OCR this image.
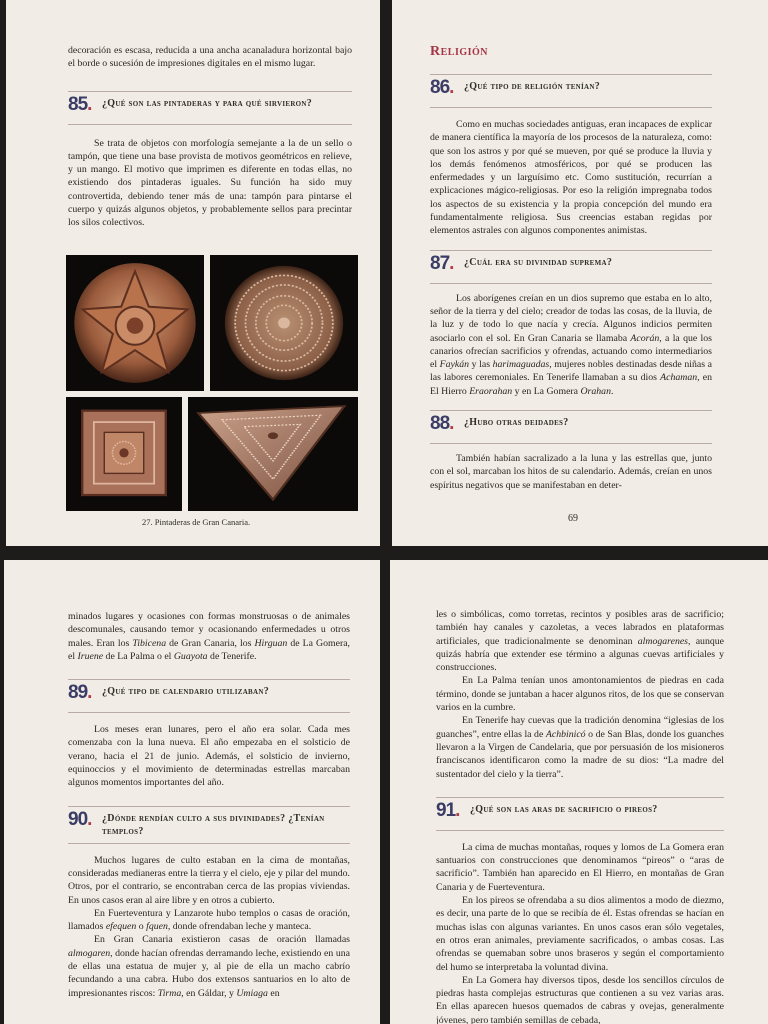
decoración es escasa, reducida a una ancha acanaladura horizontal bajo el borde o sucesión de impresiones digitales en el mismo lugar.

85. ¿Qué son las pintaderas y para qué sirvieron?

Se trata de objetos con morfología semejante a la de un sello o tampón, que tiene una base provista de motivos geométricos en relieve, y un mango. El motivo que imprimen es diferente en todas ellas, no existiendo dos pintaderas iguales. Su función ha sido muy controvertida, debiendo tener más de una: tampón para pintarse el cuerpo y quizás algunos objetos, y probablemente sellos para precintar los silos colectivos.

27. Pintaderas de Gran Canaria.
Religión
86. ¿Qué tipo de religión tenían?

Como en muchas sociedades antiguas, eran incapaces de explicar de manera científica la mayoría de los procesos de la naturaleza, como: que son los astros y por qué se mueven, por qué se produce la lluvia y los demás fenómenos atmosféricos, por qué se producen las enfermedades y un larguísimo etc. Como sustitución, recurrían a explicaciones mágico-religiosas. Por eso la religión impregnaba todos los aspectos de su existencia y la propia concepción del mundo era fundamentalmente religiosa. Sus creencias estaban regidas por elementos astrales con algunos componentes animistas.

87. ¿Cuál era su divinidad suprema?

Los aborígenes creían en un dios supremo que estaba en lo alto, señor de la tierra y del cielo; creador de todas las cosas, de la lluvia, de la luz y de todo lo que nacía y crecía. Algunos indicios permiten asociarlo con el sol. En Gran Canaria se llamaba Acorán, a la que los canarios ofrecían sacrificios y ofrendas, actuando como intermediarios el Faykán y las harimaguadas, mujeres nobles destinadas desde niñas a las labores ceremoniales. En Tenerife llamaban a su dios Achaman, en El Hierro Eraorahan y en La Gomera Orahan.

88. ¿Hubo otras deidades?

También habían sacralizado a la luna y las estrellas que, junto con el sol, marcaban los hitos de su calendario. Además, creían en unos espíritus negativos que se manifestaban en deter-

69

minados lugares y ocasiones con formas monstruosas o de animales descomunales, causando temor y ocasionando enfermedades u otros males. Eran los Tibicena de Gran Canaria, los Hirguan de La Gomera, el Iruene de La Palma o el Guayota de Tenerife.

89. ¿Qué tipo de calendario utilizaban?

Los meses eran lunares, pero el año era solar. Cada mes comenzaba con la luna nueva. El año empezaba en el solsticio de verano, hacia el 21 de junio. Además, el solsticio de invierno, equinoccios y el movimiento de determinadas estrellas marcaban algunos momentos importantes del año.

90. ¿Dónde rendían culto a sus divinidades? ¿Tenían templos?

Muchos lugares de culto estaban en la cima de montañas, consideradas medianeras entre la tierra y el cielo, eje y pilar del mundo. Otros, por el contrario, se encontraban cerca de las propias viviendas. En unos casos eran al aire libre y en otros a cubierto.

En Fuerteventura y Lanzarote hubo templos o casas de oración, llamados efequen o fquen, donde ofrendaban leche y manteca.

En Gran Canaria existieron casas de oración llamadas almogaren, donde hacían ofrendas derramando leche, existiendo en una de ellas una estatua de mujer y, al pie de ella un macho cabrío fecundando a una cabra. Hubo dos extensos santuarios en lo alto de impresionantes riscos: Tirma, en Gáldar, y Umiaga en

les o simbólicas, como torretas, recintos y posibles aras de sacrificio; también hay canales y cazoletas, a veces labrados en plataformas artificiales, que tradicionalmente se denominan almogarenes, aunque quizás habría que extender ese término a algunas cuevas artificiales y construcciones.

En La Palma tenían unos amontonamientos de piedras en cada término, donde se juntaban a hacer algunos ritos, de los que se conservan varios en la cumbre.

En Tenerife hay cuevas que la tradición denomina “iglesias de los guanches”, entre ellas la de Achbinicó o de San Blas, donde los guanches llevaron a la Virgen de Candelaria, que por persuasión de los misioneros franciscanos identificaron como la madre de su dios: “La madre del sustentador del cielo y la tierra”.

91. ¿Qué son las aras de sacrificio o pireos?

La cima de muchas montañas, roques y lomos de La Gomera eran santuarios con construcciones que denominamos “pireos” o “aras de sacrificio”. También han aparecido en El Hierro, en montañas de Gran Canaria y de Fuerteventura.

En los pireos se ofrendaba a su dios alimentos a modo de diezmo, es decir, una parte de lo que se recibía de él. Estas ofrendas se hacían en muchas islas con algunas variantes. En unos casos eran sólo vegetales, en otros eran animales, previamente sacrificados, o ambas cosas. Las ofrendas se quemaban sobre unos braseros y según el comportamiento del humo se interpretaba la voluntad divina.

En La Gomera hay diversos tipos, desde los sencillos círculos de piedras hasta complejas estructuras que contienen a su vez varias aras. En ellas aparecen huesos quemados de cabras y ovejas, generalmente jóvenes, pero también semillas de cebada,
